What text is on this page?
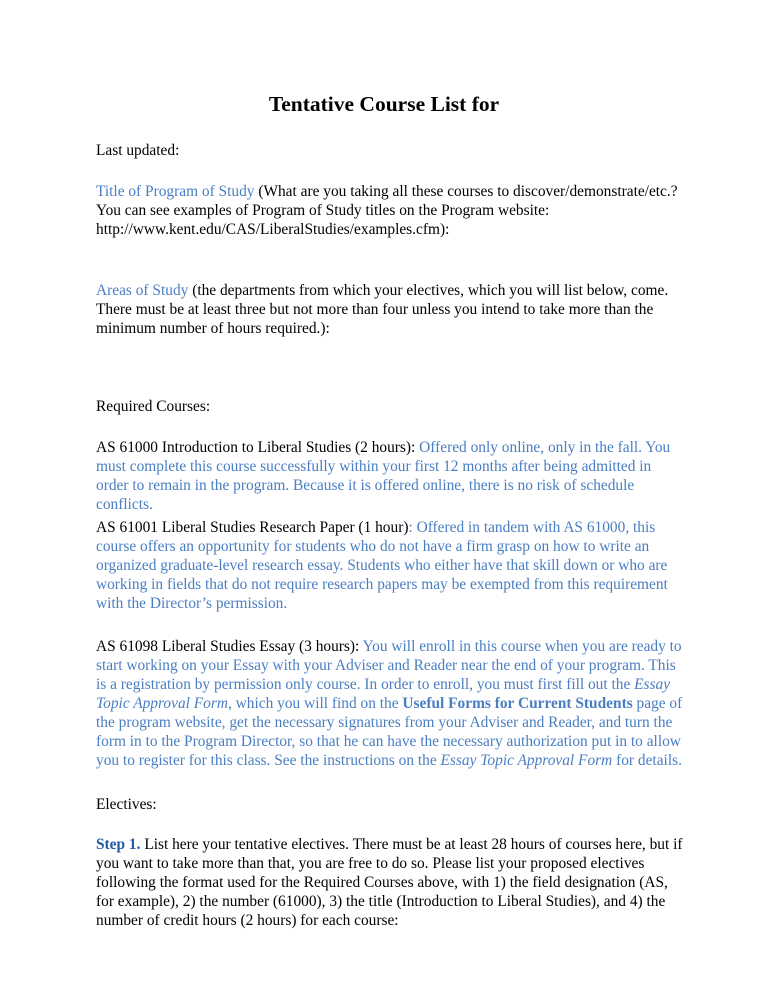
Tentative Course List for

Last updated:

Title of Program of Study (What are you taking all these courses to discover/demonstrate/etc.? You can see examples of Program of Study titles on the Program website: http://www.kent.edu/CAS/LiberalStudies/examples.cfm):

Areas of Study (the departments from which your electives, which you will list below, come. There must be at least three but not more than four unless you intend to take more than the minimum number of hours required.):

Required Courses:

AS 61000 Introduction to Liberal Studies (2 hours): Offered only online, only in the fall. You must complete this course successfully within your first 12 months after being admitted in order to remain in the program. Because it is offered online, there is no risk of schedule conflicts.

AS 61001 Liberal Studies Research Paper (1 hour): Offered in tandem with AS 61000, this course offers an opportunity for students who do not have a firm grasp on how to write an organized graduate-level research essay. Students who either have that skill down or who are working in fields that do not require research papers may be exempted from this requirement with the Director’s permission.

AS 61098 Liberal Studies Essay (3 hours): You will enroll in this course when you are ready to start working on your Essay with your Adviser and Reader near the end of your program. This is a registration by permission only course. In order to enroll, you must first fill out the Essay Topic Approval Form, which you will find on the Useful Forms for Current Students page of the program website, get the necessary signatures from your Adviser and Reader, and turn the form in to the Program Director, so that he can have the necessary authorization put in to allow you to register for this class. See the instructions on the Essay Topic Approval Form for details.

Electives:

Step 1. List here your tentative electives. There must be at least 28 hours of courses here, but if you want to take more than that, you are free to do so. Please list your proposed electives following the format used for the Required Courses above, with 1) the field designation (AS, for example), 2) the number (61000), 3) the title (Introduction to Liberal Studies), and 4) the number of credit hours (2 hours) for each course:
